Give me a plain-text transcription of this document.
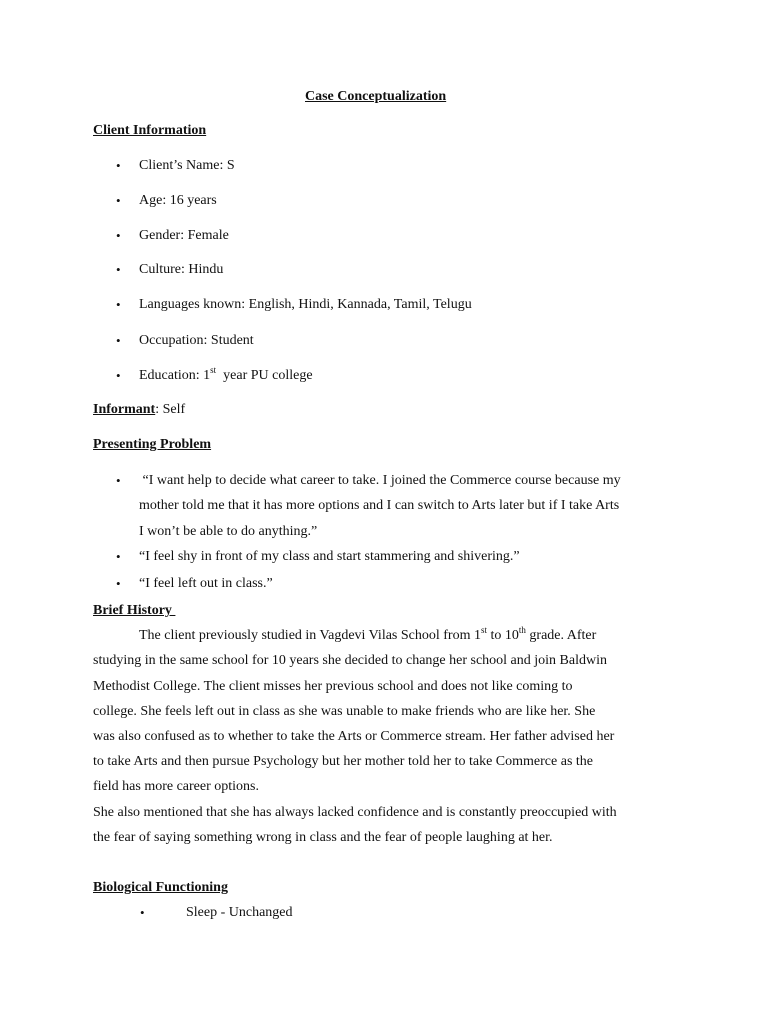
Case Conceptualization
Client Information
• Client’s Name: S
• Age: 16 years
• Gender: Female
• Culture: Hindu
• Languages known: English, Hindi, Kannada, Tamil, Telugu
• Occupation: Student
• Education: 1st  year PU college
Informant: Self
Presenting Problem
• “I want help to decide what career to take. I joined the Commerce course because my
mother told me that it has more options and I can switch to Arts later but if I take Arts
I won’t be able to do anything.”
• “I feel shy in front of my class and start stammering and shivering.”
• “I feel left out in class.”
Brief History
The client previously studied in Vagdevi Vilas School from 1st to 10th grade. After
studying in the same school for 10 years she decided to change her school and join Baldwin
Methodist College. The client misses her previous school and does not like coming to
college. She feels left out in class as she was unable to make friends who are like her. She
was also confused as to whether to take the Arts or Commerce stream. Her father advised her
to take Arts and then pursue Psychology but her mother told her to take Commerce as the
field has more career options.
She also mentioned that she has always lacked confidence and is constantly preoccupied with
the fear of saying something wrong in class and the fear of people laughing at her.
Biological Functioning
•	Sleep - Unchanged
